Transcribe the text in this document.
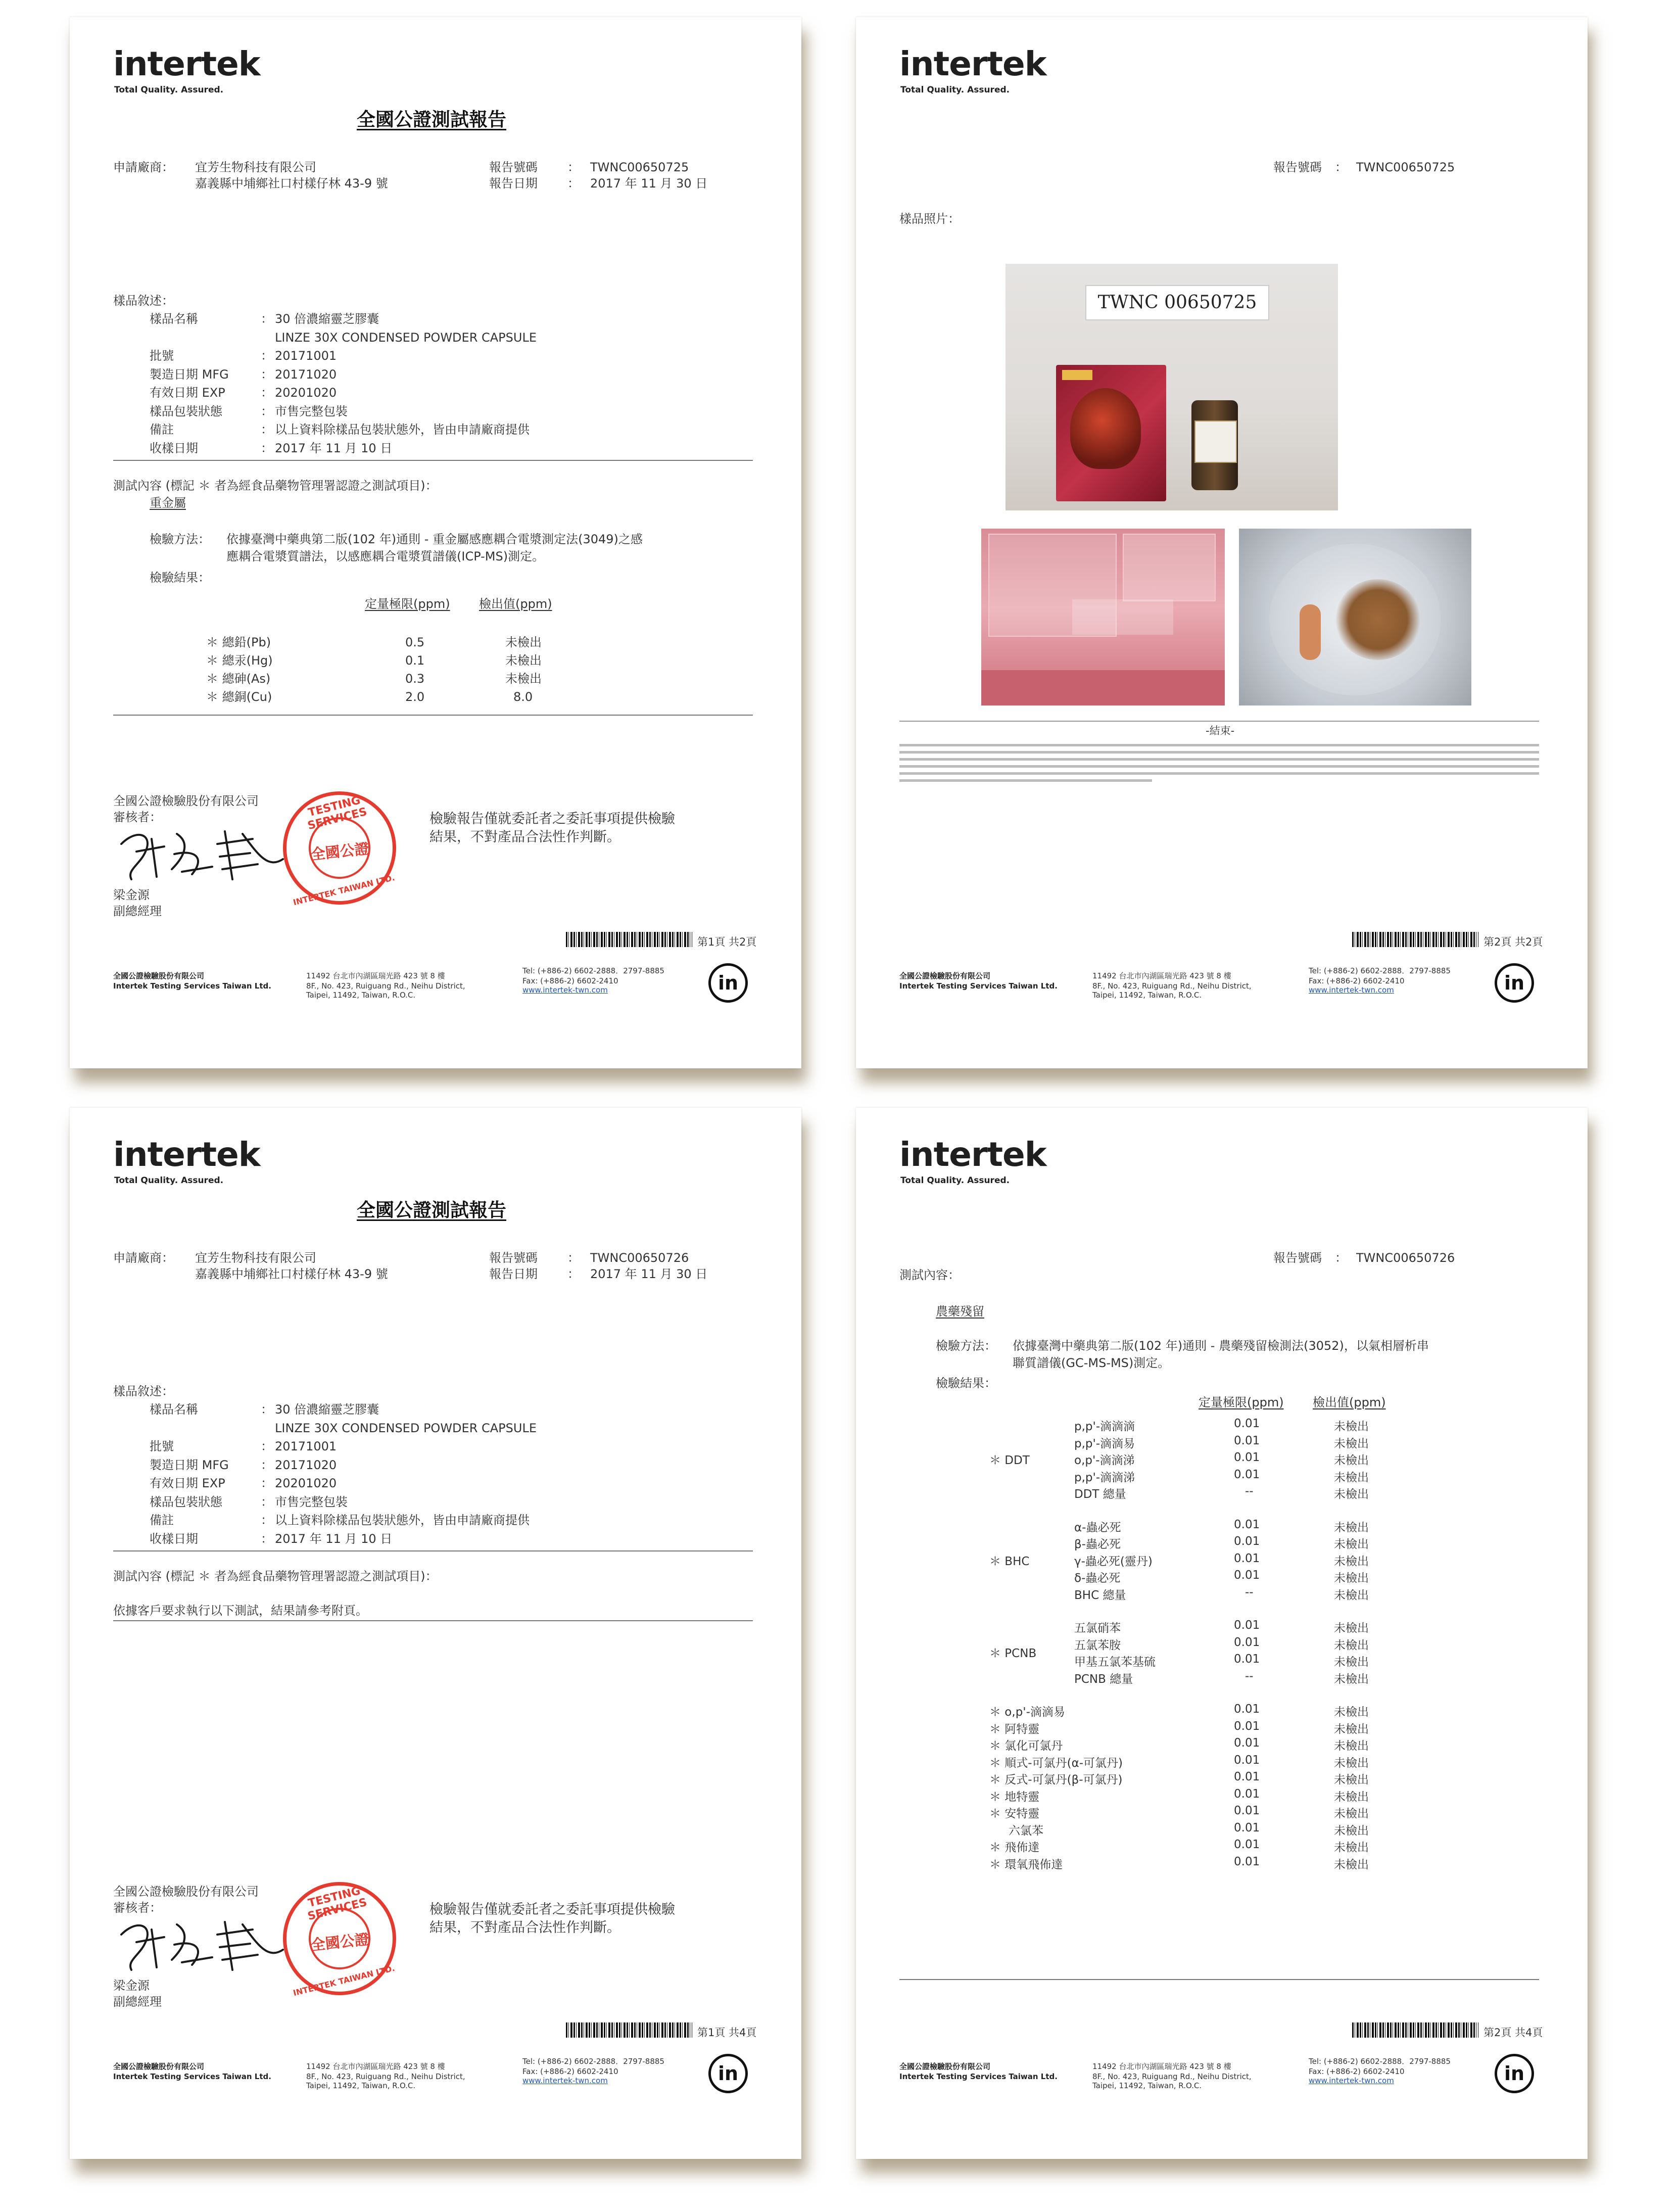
intertek
Total Quality. Assured.
全國公證測試報告
申請廠商： 宜芳生物科技有限公司
嘉義縣中埔鄉社口村樣仔林 43-9 號
報告號碼 ： TWNC00650725
報告日期 ： 2017 年 11 月 30 日
樣品敘述：
測試內容 (標記 ＊ 者為經食品藥物管理署認證之測試項目)：
重金屬
檢驗方法： 依據臺灣中藥典第二版(102 年)通則 - 重金屬感應耦合電漿測定法(3049)之感
應耦合電漿質譜法，以感應耦合電漿質譜儀(ICP-MS)測定。
檢驗結果：
定量極限(ppm) 檢出值(ppm)
樣品名稱	： 30 倍濃縮靈芝膠囊
LINZE 30X CONDENSED POWDER CAPSULE
批號	： 20171001
製造日期 MFG	： 20171020
有效日期 EXP	： 20201020
樣品包裝狀態	： 市售完整包裝
備註	： 以上資料除樣品包裝狀態外，皆由申請廠商提供
收樣日期	： 2017 年 11 月 10 日
＊ 總鉛(Pb)	0.5	未檢出
＊ 總汞(Hg)	0.1	未檢出
＊ 總砷(As)	0.3	未檢出
＊ 總銅(Cu)	2.0	8.0
全國公證檢驗股份有限公司
審核者：
梁金源
副總經理
TESTING SERVICES
全國公證
INTERTEK TAIWAN LTD.
檢驗報告僅就委託者之委託事項提供檢驗
結果，不對產品合法性作判斷。
第1頁 共2頁
全國公證檢驗股份有限公司
Intertek Testing Services Taiwan Ltd.
11492 台北市內湖區瑞光路 423 號 8 樓
8F., No. 423, Ruiguang Rd., Neihu District,
Taipei, 11492, Taiwan, R.O.C.
Tel: (+886-2) 6602-2888．2797-8885
Fax: (+886-2) 6602-2410
www.intertek-twn.com	in
intertek
Total Quality. Assured.
報告號碼 ： TWNC00650725
樣品照片：
TWNC 00650725
-結束-
第2頁 共2頁
全國公證檢驗股份有限公司
Intertek Testing Services Taiwan Ltd.
11492 台北市內湖區瑞光路 423 號 8 樓
8F., No. 423, Ruiguang Rd., Neihu District,
Taipei, 11492, Taiwan, R.O.C.
Tel: (+886-2) 6602-2888．2797-8885
Fax: (+886-2) 6602-2410
www.intertek-twn.com	in
intertek
Total Quality. Assured.
全國公證測試報告
申請廠商： 宜芳生物科技有限公司
嘉義縣中埔鄉社口村樣仔林 43-9 號
報告號碼 ： TWNC00650726
報告日期 ： 2017 年 11 月 30 日
樣品敘述：
測試內容 (標記 ＊ 者為經食品藥物管理署認證之測試項目)：
依據客戶要求執行以下測試，結果請參考附頁。
樣品名稱	： 30 倍濃縮靈芝膠囊
LINZE 30X CONDENSED POWDER CAPSULE
批號	： 20171001
製造日期 MFG	： 20171020
有效日期 EXP	： 20201020
樣品包裝狀態	： 市售完整包裝
備註	： 以上資料除樣品包裝狀態外，皆由申請廠商提供
收樣日期	： 2017 年 11 月 10 日
全國公證檢驗股份有限公司
審核者：
梁金源
副總經理
TESTING SERVICES
全國公證
INTERTEK TAIWAN LTD.
檢驗報告僅就委託者之委託事項提供檢驗
結果，不對產品合法性作判斷。
第1頁 共4頁
全國公證檢驗股份有限公司
Intertek Testing Services Taiwan Ltd.
11492 台北市內湖區瑞光路 423 號 8 樓
8F., No. 423, Ruiguang Rd., Neihu District,
Taipei, 11492, Taiwan, R.O.C.
Tel: (+886-2) 6602-2888．2797-8885
Fax: (+886-2) 6602-2410
www.intertek-twn.com	in
intertek
Total Quality. Assured.
報告號碼 ： TWNC00650726
測試內容：
農藥殘留
檢驗方法： 依據臺灣中藥典第二版(102 年)通則 - 農藥殘留檢測法(3052)，以氣相層析串
聯質譜儀(GC-MS-MS)測定。
檢驗結果：
定量極限(ppm) 檢出值(ppm)
＊ DDT
p,p'-滴滴滴	0.01	未檢出
p,p'-滴滴易	0.01	未檢出
o,p'-滴滴涕	0.01	未檢出
p,p'-滴滴涕	0.01	未檢出
DDT 總量	--	未檢出
＊ BHC
α-蟲必死	0.01	未檢出
β-蟲必死	0.01	未檢出
γ-蟲必死(靈丹)	0.01	未檢出
δ-蟲必死	0.01	未檢出
BHC 總量	--	未檢出
＊ PCNB
五氯硝苯	0.01	未檢出
五氯苯胺	0.01	未檢出
甲基五氯苯基硫	0.01	未檢出
PCNB 總量	--	未檢出
＊ o,p'-滴滴易	0.01	未檢出
＊ 阿特靈	0.01	未檢出
＊ 氯化可氯丹	0.01	未檢出
＊ 順式-可氯丹(α-可氯丹)	0.01	未檢出
＊ 反式-可氯丹(β-可氯丹)	0.01	未檢出
＊ 地特靈	0.01	未檢出
＊ 安特靈	0.01	未檢出
六氯苯	0.01	未檢出
＊ 飛佈達	0.01	未檢出
＊ 環氧飛佈達	0.01	未檢出
第2頁 共4頁
全國公證檢驗股份有限公司
Intertek Testing Services Taiwan Ltd.
11492 台北市內湖區瑞光路 423 號 8 樓
8F., No. 423, Ruiguang Rd., Neihu District,
Taipei, 11492, Taiwan, R.O.C.
Tel: (+886-2) 6602-2888．2797-8885
Fax: (+886-2) 6602-2410
www.intertek-twn.com	in
